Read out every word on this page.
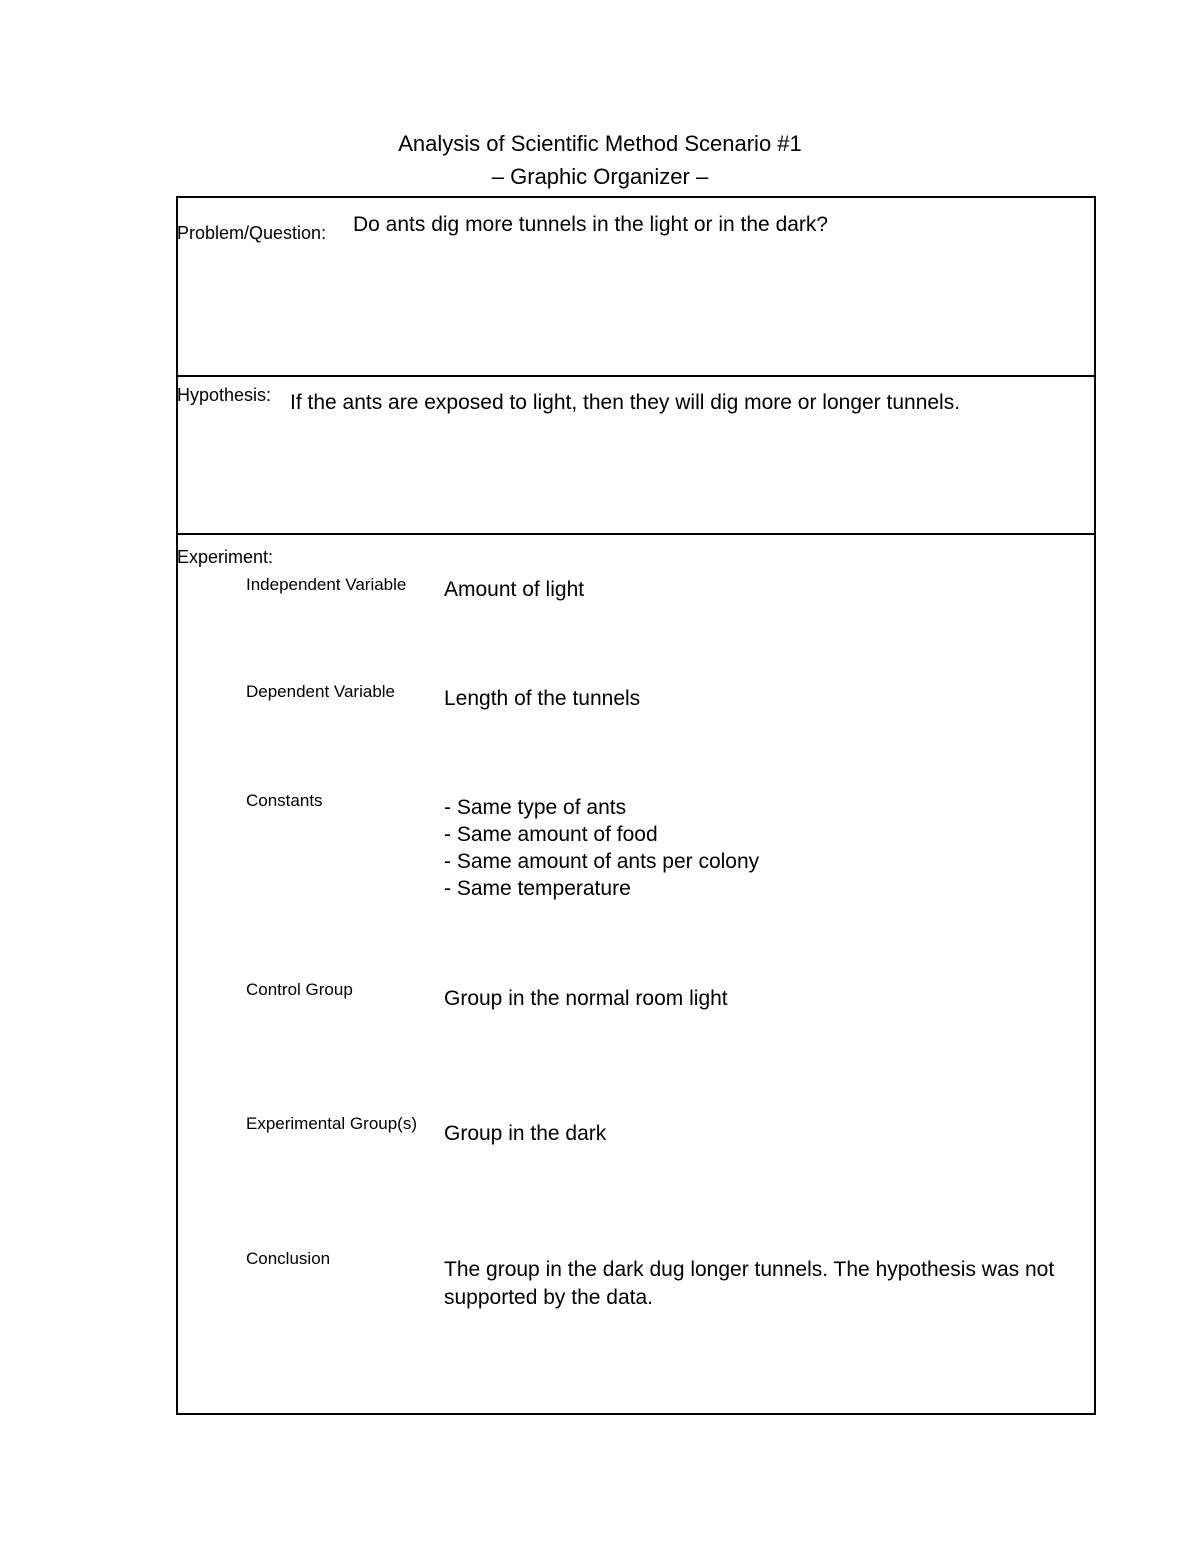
Analysis of Scientific Method Scenario #1
– Graphic Organizer –
Problem/Question: Do ants dig more tunnels in the light or in the dark?
Hypothesis: If the ants are exposed to light, then they will dig more or longer tunnels.
Experiment:
Independent Variable Amount of light
Dependent Variable Length of the tunnels
Constants	- Same type of ants
- Same amount of food
- Same amount of ants per colony
- Same temperature
Control Group	Group in the normal room light
Experimental Group(s) Group in the dark
Conclusion	The group in the dark dug longer tunnels. The hypothesis was not supported by the data.
